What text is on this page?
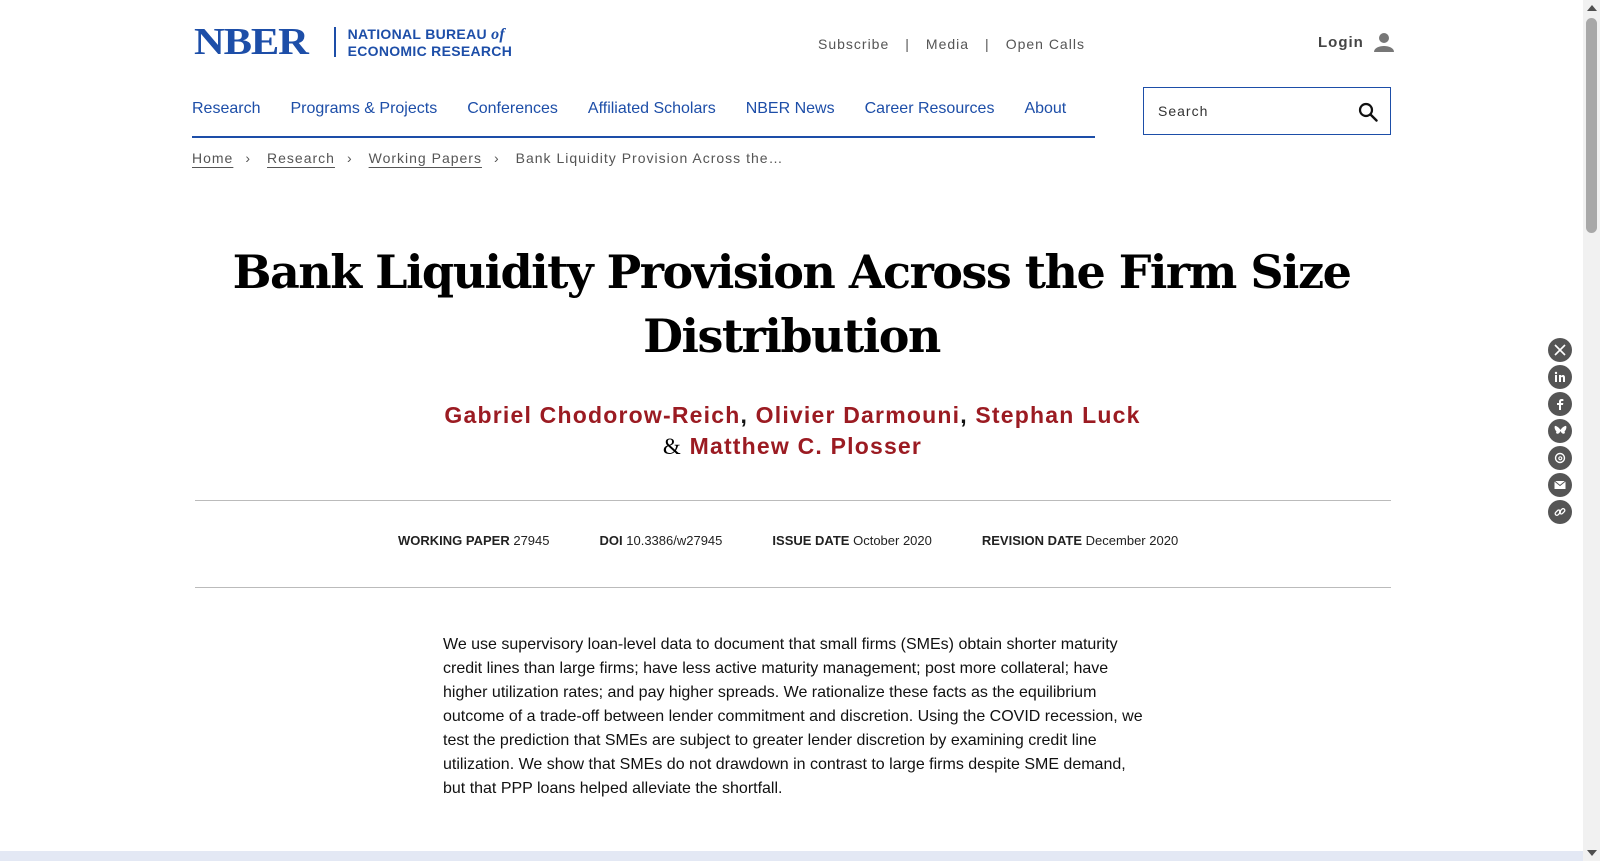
NBER	NATIONAL BUREAU of
ECONOMIC RESEARCH	Subscribe | Media | Open Calls	Login
Research Programs & Projects Conferences Affiliated Scholars NBER News Career Resources About
Search
Home › Research › Working Papers › Bank Liquidity Provision Across the…
Bank Liquidity Provision Across the Firm Size
Distribution
Gabriel Chodorow-Reich, Olivier Darmouni, Stephan Luck & Matthew C. Plosser
WORKING PAPER 27945	DOI 10.3386/w27945	ISSUE DATE October 2020	REVISION DATE December 2020

We use supervisory loan-level data to document that small firms (SMEs) obtain shorter maturity credit lines than large firms; have less active maturity management; post more collateral; have higher utilization rates; and pay higher spreads. We rationalize these facts as the equilibrium outcome of a trade-off between lender commitment and discretion. Using the COVID recession, we test the prediction that SMEs are subject to greater lender discretion by examining credit line utilization. We show that SMEs do not drawdown in contrast to large firms despite SME demand, but that PPP loans helped alleviate the shortfall.
